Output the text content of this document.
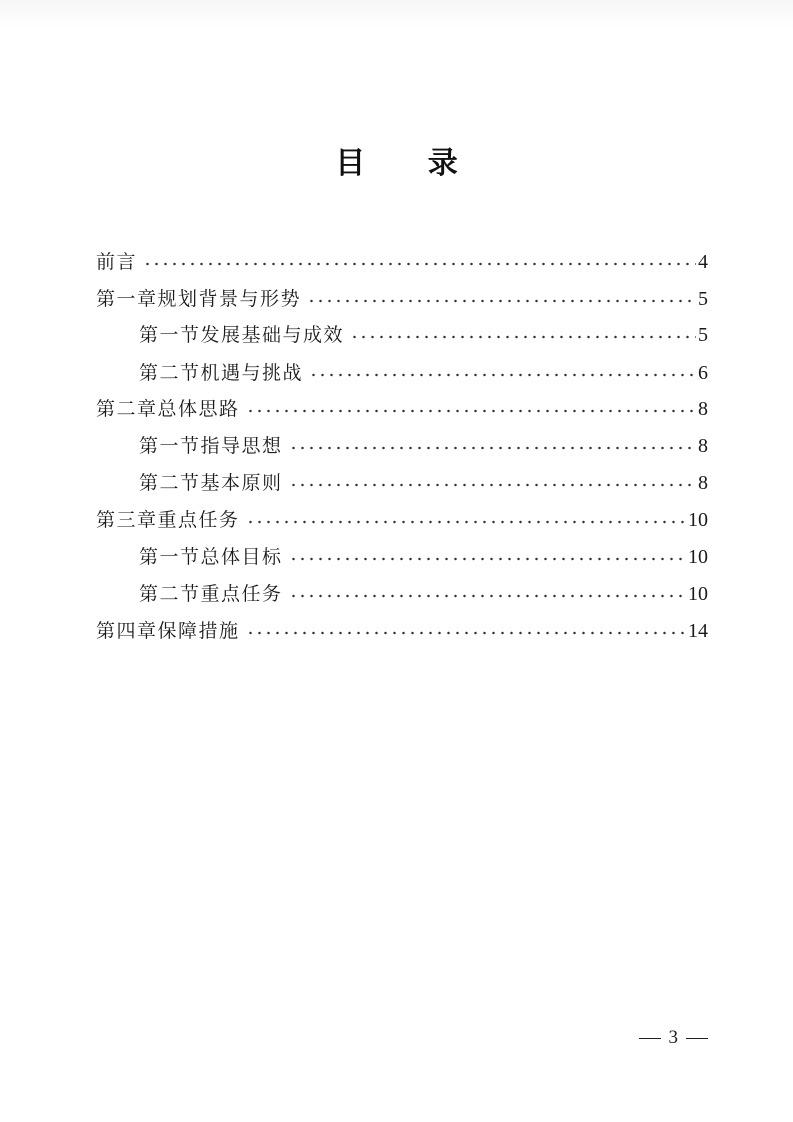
目 录
前言	4
第一章规划背景与形势	5
第一节发展基础与成效	5
第二节机遇与挑战	6
第二章总体思路	8
第一节指导思想	8
第二节基本原则	8
第三章重点任务	10
第一节总体目标	10
第二节重点任务	10
第四章保障措施	14
3
